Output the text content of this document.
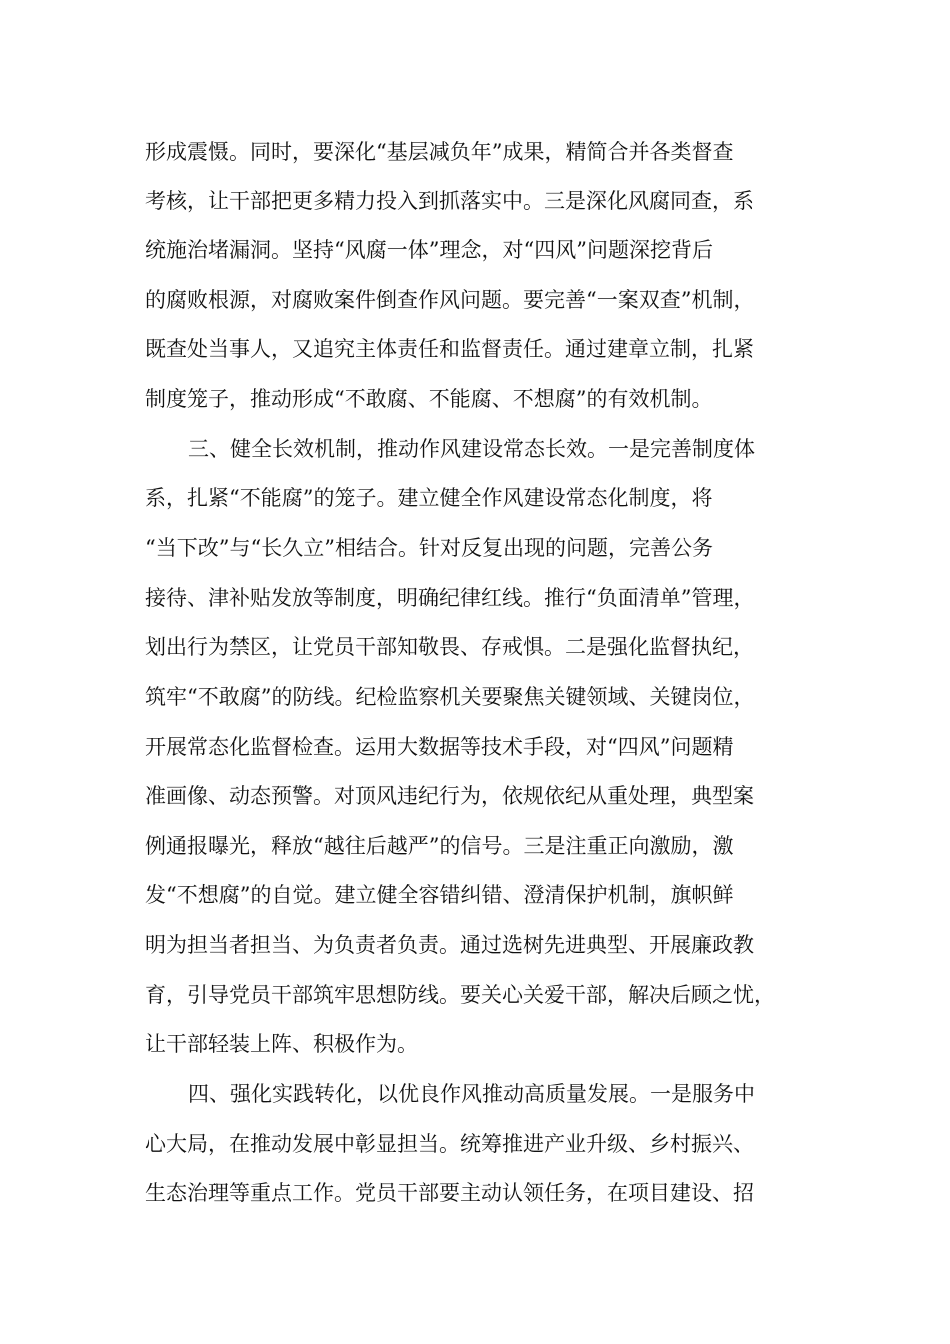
形成震慑。同时，要深化“基层减负年”成果，精简合并各类督查
考核，让干部把更多精力投入到抓落实中。三是深化风腐同查，系
统施治堵漏洞。坚持“风腐一体”理念，对“四风”问题深挖背后
的腐败根源，对腐败案件倒查作风问题。要完善“一案双查”机制，
既查处当事人，又追究主体责任和监督责任。通过建章立制，扎紧
制度笼子，推动形成“不敢腐、不能腐、不想腐”的有效机制。
三、健全长效机制，推动作风建设常态长效。一是完善制度体
系，扎紧“不能腐”的笼子。建立健全作风建设常态化制度，将
“当下改”与“长久立”相结合。针对反复出现的问题，完善公务
接待、津补贴发放等制度，明确纪律红线。推行“负面清单”管理，
划出行为禁区，让党员干部知敬畏、存戒惧。二是强化监督执纪，
筑牢“不敢腐”的防线。纪检监察机关要聚焦关键领域、关键岗位，
开展常态化监督检查。运用大数据等技术手段，对“四风”问题精
准画像、动态预警。对顶风违纪行为，依规依纪从重处理，典型案
例通报曝光，释放“越往后越严”的信号。三是注重正向激励，激
发“不想腐”的自觉。建立健全容错纠错、澄清保护机制，旗帜鲜
明为担当者担当、为负责者负责。通过选树先进典型、开展廉政教
育，引导党员干部筑牢思想防线。要关心关爱干部，解决后顾之忧，
让干部轻装上阵、积极作为。
四、强化实践转化，以优良作风推动高质量发展。一是服务中
心大局，在推动发展中彰显担当。统筹推进产业升级、乡村振兴、
生态治理等重点工作。党员干部要主动认领任务，在项目建设、招
